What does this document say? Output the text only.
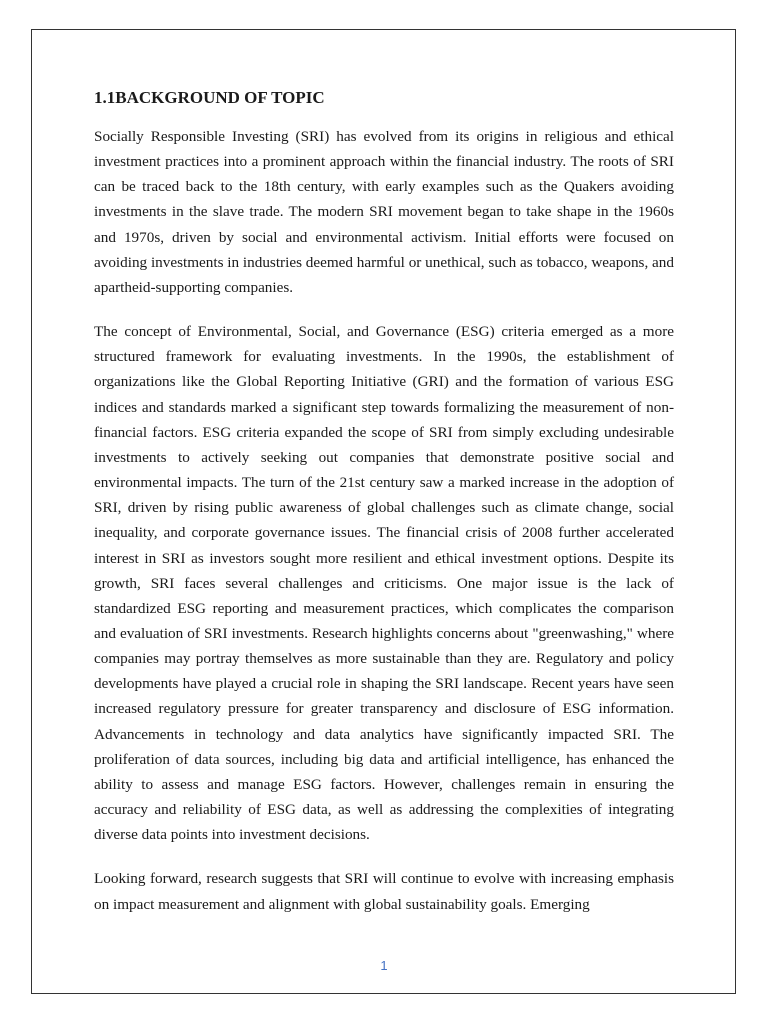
1.1BACKGROUND OF TOPIC

Socially Responsible Investing (SRI) has evolved from its origins in religious and ethical investment practices into a prominent approach within the financial industry. The roots of SRI can be traced back to the 18th century, with early examples such as the Quakers avoiding investments in the slave trade. The modern SRI movement began to take shape in the 1960s and 1970s, driven by social and environmental activism. Initial efforts were focused on avoiding investments in industries deemed harmful or unethical, such as tobacco, weapons, and apartheid-supporting companies.

The concept of Environmental, Social, and Governance (ESG) criteria emerged as a more structured framework for evaluating investments. In the 1990s, the establishment of organizations like the Global Reporting Initiative (GRI) and the formation of various ESG indices and standards marked a significant step towards formalizing the measurement of non-financial factors. ESG criteria expanded the scope of SRI from simply excluding undesirable investments to actively seeking out companies that demonstrate positive social and environmental impacts. The turn of the 21st century saw a marked increase in the adoption of SRI, driven by rising public awareness of global challenges such as climate change, social inequality, and corporate governance issues. The financial crisis of 2008 further accelerated interest in SRI as investors sought more resilient and ethical investment options. Despite its growth, SRI faces several challenges and criticisms. One major issue is the lack of standardized ESG reporting and measurement practices, which complicates the comparison and evaluation of SRI investments. Research highlights concerns about "greenwashing," where companies may portray themselves as more sustainable than they are. Regulatory and policy developments have played a crucial role in shaping the SRI landscape. Recent years have seen increased regulatory pressure for greater transparency and disclosure of ESG information. Advancements in technology and data analytics have significantly impacted SRI. The proliferation of data sources, including big data and artificial intelligence, has enhanced the ability to assess and manage ESG factors. However, challenges remain in ensuring the accuracy and reliability of ESG data, as well as addressing the complexities of integrating diverse data points into investment decisions.

Looking forward, research suggests that SRI will continue to evolve with increasing emphasis on impact measurement and alignment with global sustainability goals. Emerging

1
